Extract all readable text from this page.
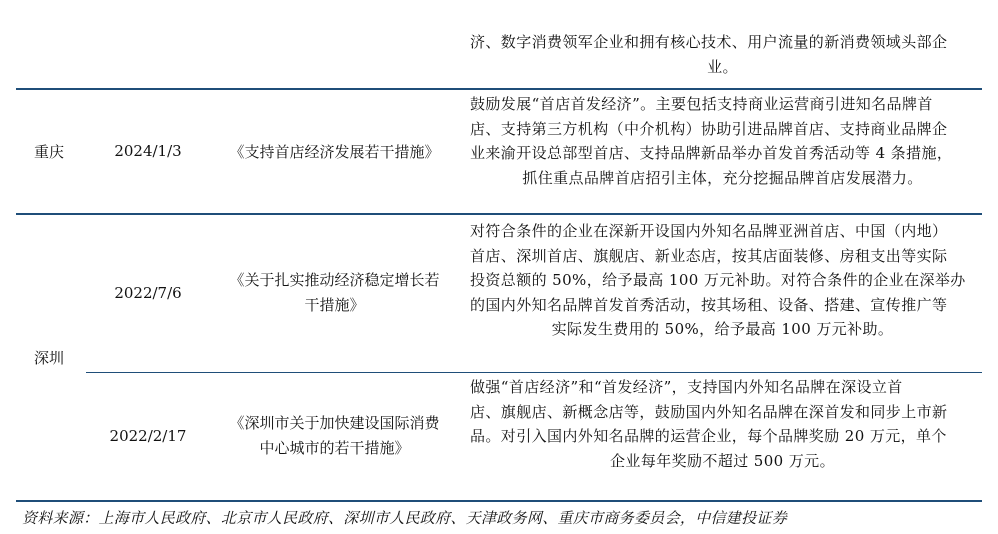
济、数字消费领军企业和拥有核心技术、用户流量的新消费领域头部企
业。
重庆	2024/1/3	《支持首店经济发展若干措施》
鼓励发展“首店首发经济”。主要包括支持商业运营商引进知名品牌首
店、支持第三方机构（中介机构）协助引进品牌首店、支持商业品牌企
业来渝开设总部型首店、支持品牌新品举办首发首秀活动等 4 条措施，
抓住重点品牌首店招引主体，充分挖掘品牌首店发展潜力。
深圳
2022/7/6
《关于扎实推动经济稳定增长若
干措施》
对符合条件的企业在深新开设国内外知名品牌亚洲首店、中国（内地）
首店、深圳首店、旗舰店、新业态店，按其店面装修、房租支出等实际
投资总额的 50%，给予最高 100 万元补助。对符合条件的企业在深举办
的国内外知名品牌首发首秀活动，按其场租、设备、搭建、宣传推广等
实际发生费用的 50%，给予最高 100 万元补助。
2022/2/17
《深圳市关于加快建设国际消费
中心城市的若干措施》
做强“首店经济”和“首发经济”，支持国内外知名品牌在深设立首
店、旗舰店、新概念店等，鼓励国内外知名品牌在深首发和同步上市新
品。对引入国内外知名品牌的运营企业，每个品牌奖励 20 万元，单个
企业每年奖励不超过 500 万元。
资料来源：上海市人民政府、北京市人民政府、深圳市人民政府、天津政务网、重庆市商务委员会，中信建投证券
